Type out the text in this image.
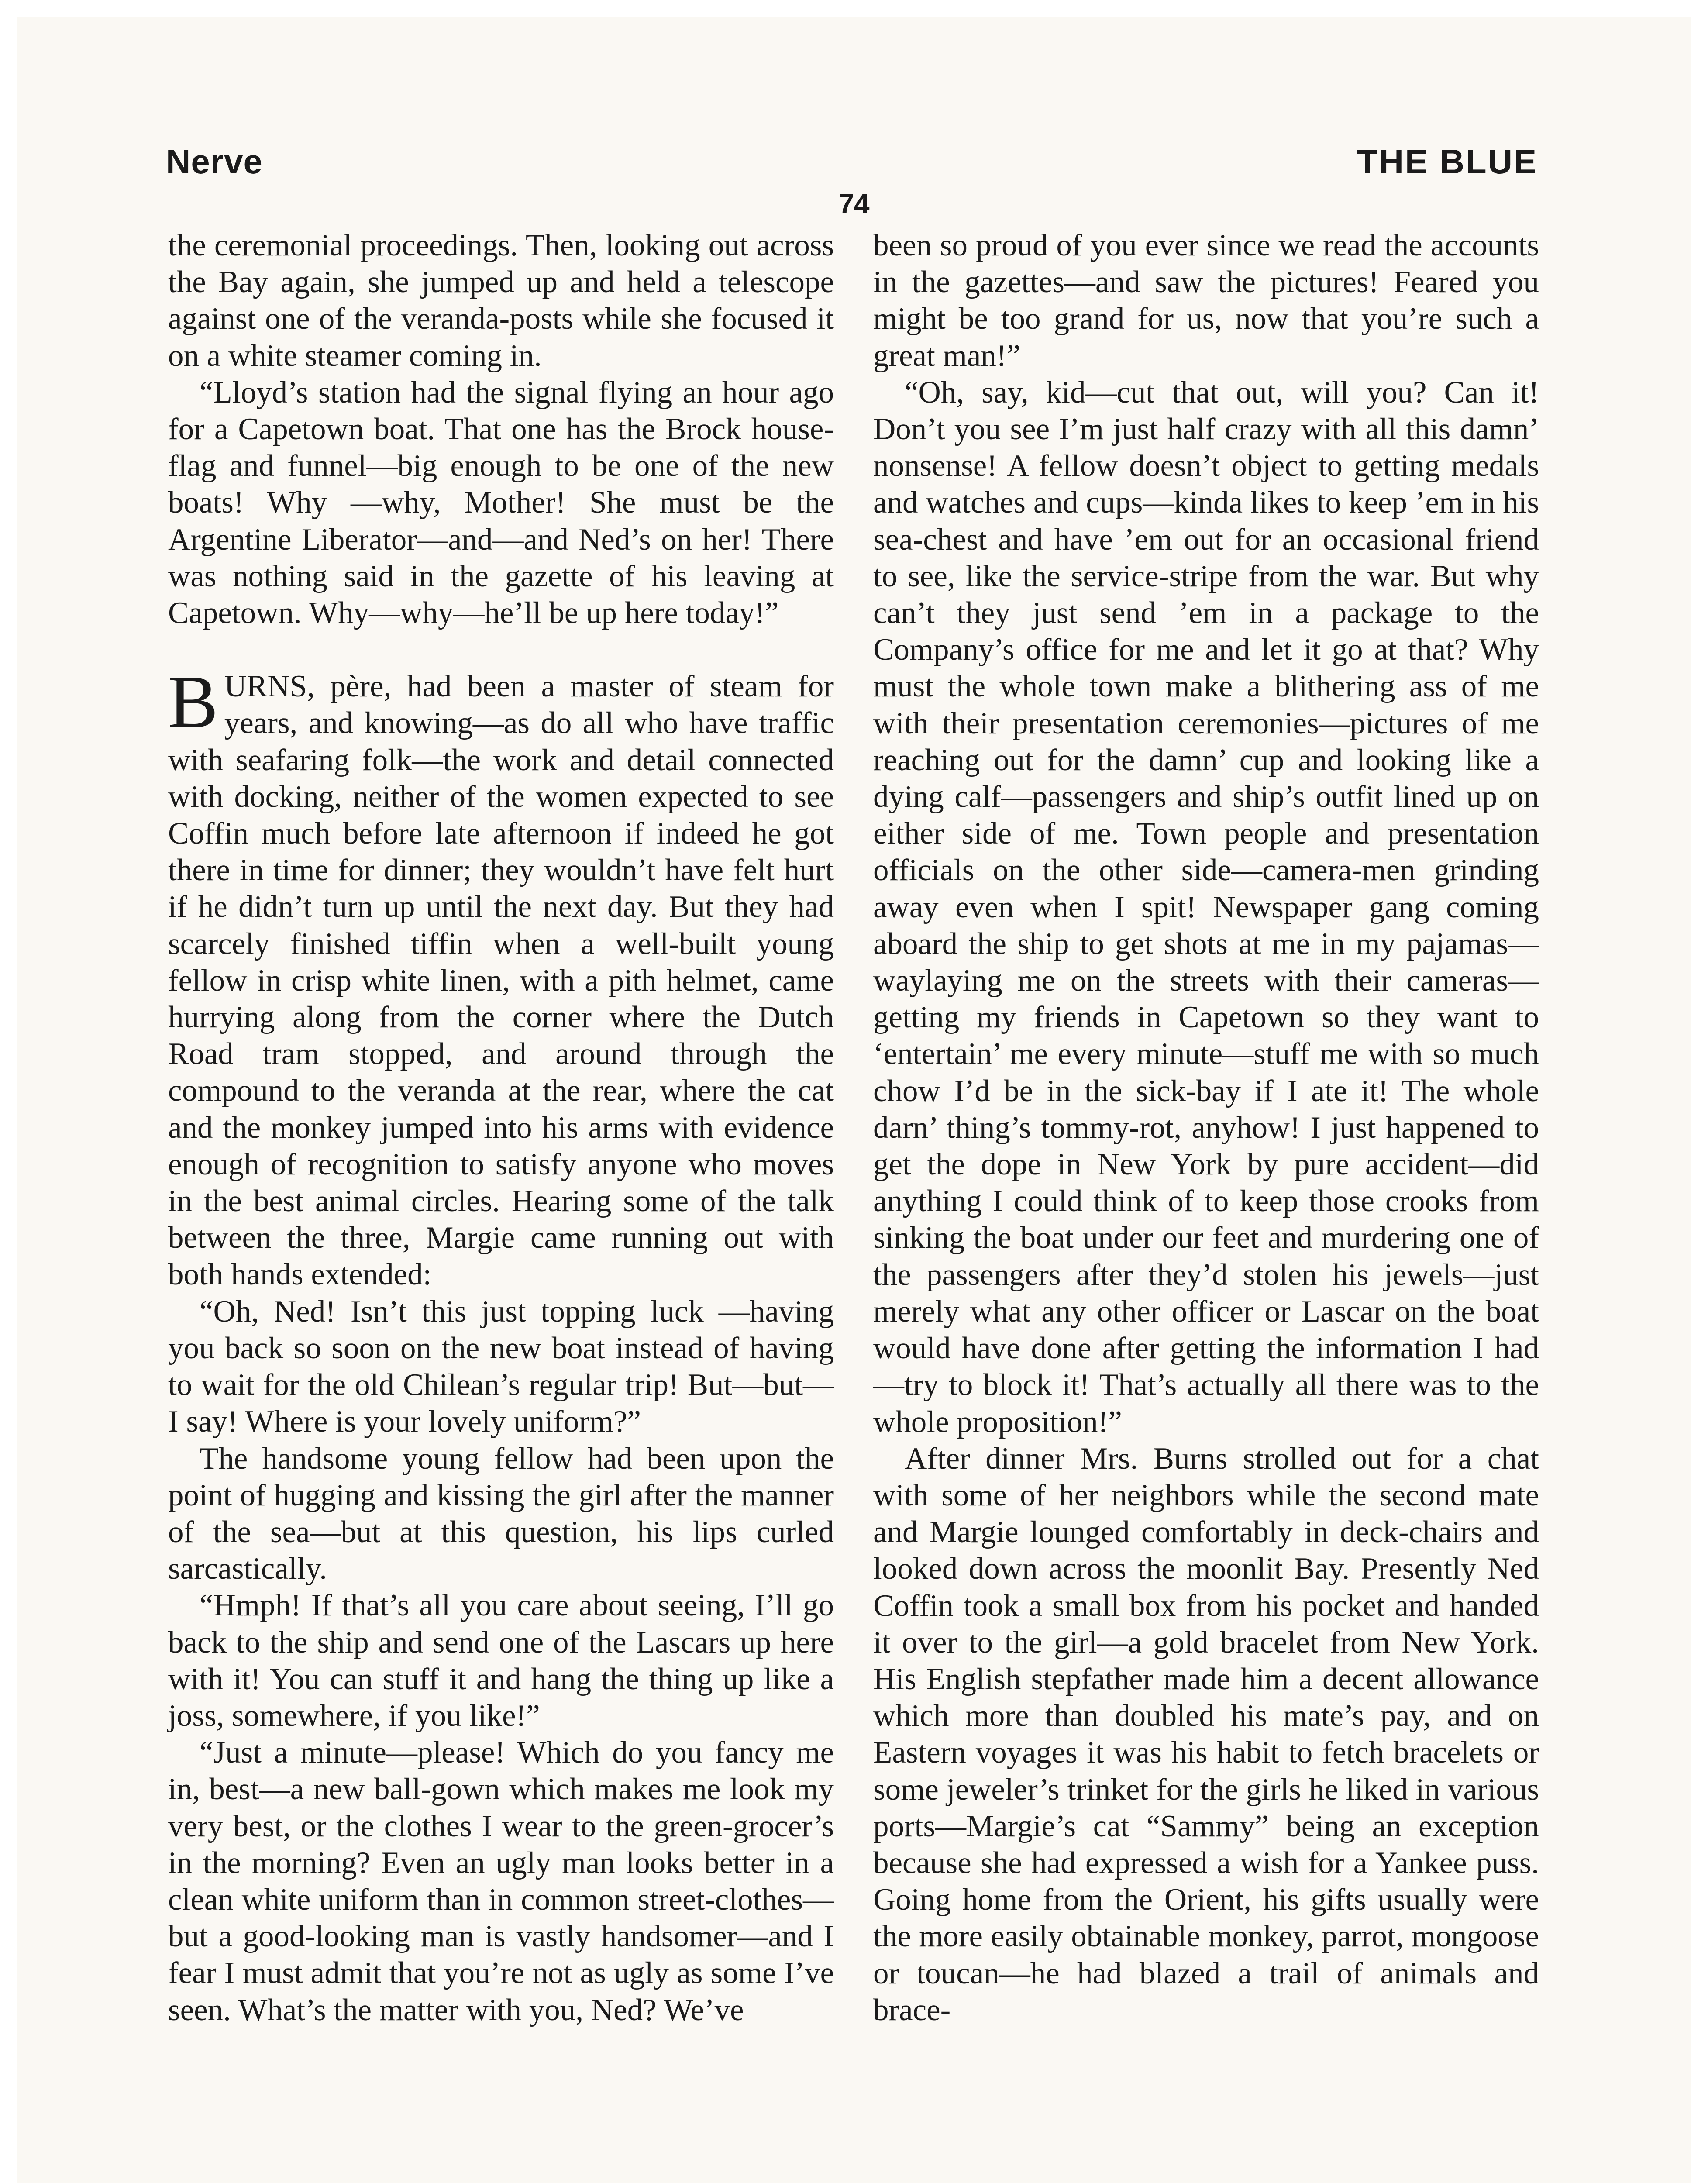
Nerve	THE BLUE
74

the ceremonial proceedings. Then, looking out across the Bay again, she jumped up and held a telescope against one of the veranda-posts while she focused it on a white steamer coming in.

“Lloyd’s station had the signal flying an hour ago for a Capetown boat. That one has the Brock house-flag and funnel—big enough to be one of the new boats! Why —why, Mother! She must be the Argentine Liberator—and—and Ned’s on her! There was nothing said in the gazette of his leaving at Capetown. Why—why—he’ll be up here today!”

BURNS, père, had been a master of steam for years, and knowing—as do all who have traffic with seafaring folk—the work and detail connected with docking, neither of the women expected to see Coffin much before late afternoon if indeed he got there in time for dinner; they wouldn’t have felt hurt if he didn’t turn up until the next day. But they had scarcely finished tiffin when a well-built young fellow in crisp white linen, with a pith helmet, came hurrying along from the corner where the Dutch Road tram stopped, and around through the compound to the veranda at the rear, where the cat and the monkey jumped into his arms with evidence enough of recognition to satisfy anyone who moves in the best animal circles. Hearing some of the talk between the three, Margie came running out with both hands extended:

“Oh, Ned! Isn’t this just topping luck —having you back so soon on the new boat instead of having to wait for the old Chilean’s regular trip! But—but—I say! Where is your lovely uniform?”

The handsome young fellow had been upon the point of hugging and kissing the girl after the manner of the sea—but at this question, his lips curled sarcastically.

“Hmph! If that’s all you care about seeing, I’ll go back to the ship and send one of the Lascars up here with it! You can stuff it and hang the thing up like a joss, somewhere, if you like!”

“Just a minute—please! Which do you fancy me in, best—a new ball-gown which makes me look my very best, or the clothes I wear to the green-grocer’s in the morning? Even an ugly man looks better in a clean white uniform than in common street-clothes—but a good-looking man is vastly handsomer—and I fear I must admit that you’re not as ugly as some I’ve seen. What’s the matter with you, Ned? We’ve

been so proud of you ever since we read the accounts in the gazettes—and saw the pictures! Feared you might be too grand for us, now that you’re such a great man!”

“Oh, say, kid—cut that out, will you? Can it! Don’t you see I’m just half crazy with all this damn’ nonsense! A fellow doesn’t object to getting medals and watches and cups—kinda likes to keep ’em in his sea-chest and have ’em out for an occasional friend to see, like the service-stripe from the war. But why can’t they just send ’em in a package to the Company’s office for me and let it go at that? Why must the whole town make a blithering ass of me with their presentation ceremonies—pictures of me reaching out for the damn’ cup and looking like a dying calf—passengers and ship’s outfit lined up on either side of me. Town people and presentation officials on the other side—camera-men grinding away even when I spit! Newspaper gang coming aboard the ship to get shots at me in my pajamas—waylaying me on the streets with their cameras—getting my friends in Capetown so they want to ‘entertain’ me every minute—stuff me with so much chow I’d be in the sick-bay if I ate it! The whole darn’ thing’s tommy-rot, anyhow! I just happened to get the dope in New York by pure accident—did anything I could think of to keep those crooks from sinking the boat under our feet and murdering one of the passengers after they’d stolen his jewels—just merely what any other officer or Lascar on the boat would have done after getting the information I had—try to block it! That’s actually all there was to the whole proposition!”

After dinner Mrs. Burns strolled out for a chat with some of her neighbors while the second mate and Margie lounged comfortably in deck-chairs and looked down across the moonlit Bay. Presently Ned Coffin took a small box from his pocket and handed it over to the girl—a gold bracelet from New York. His English stepfather made him a decent allowance which more than doubled his mate’s pay, and on Eastern voyages it was his habit to fetch bracelets or some jeweler’s trinket for the girls he liked in various ports—Margie’s cat “Sammy” being an exception because she had expressed a wish for a Yankee puss. Going home from the Orient, his gifts usually were the more easily obtainable monkey, parrot, mongoose or toucan—he had blazed a trail of animals and brace-
